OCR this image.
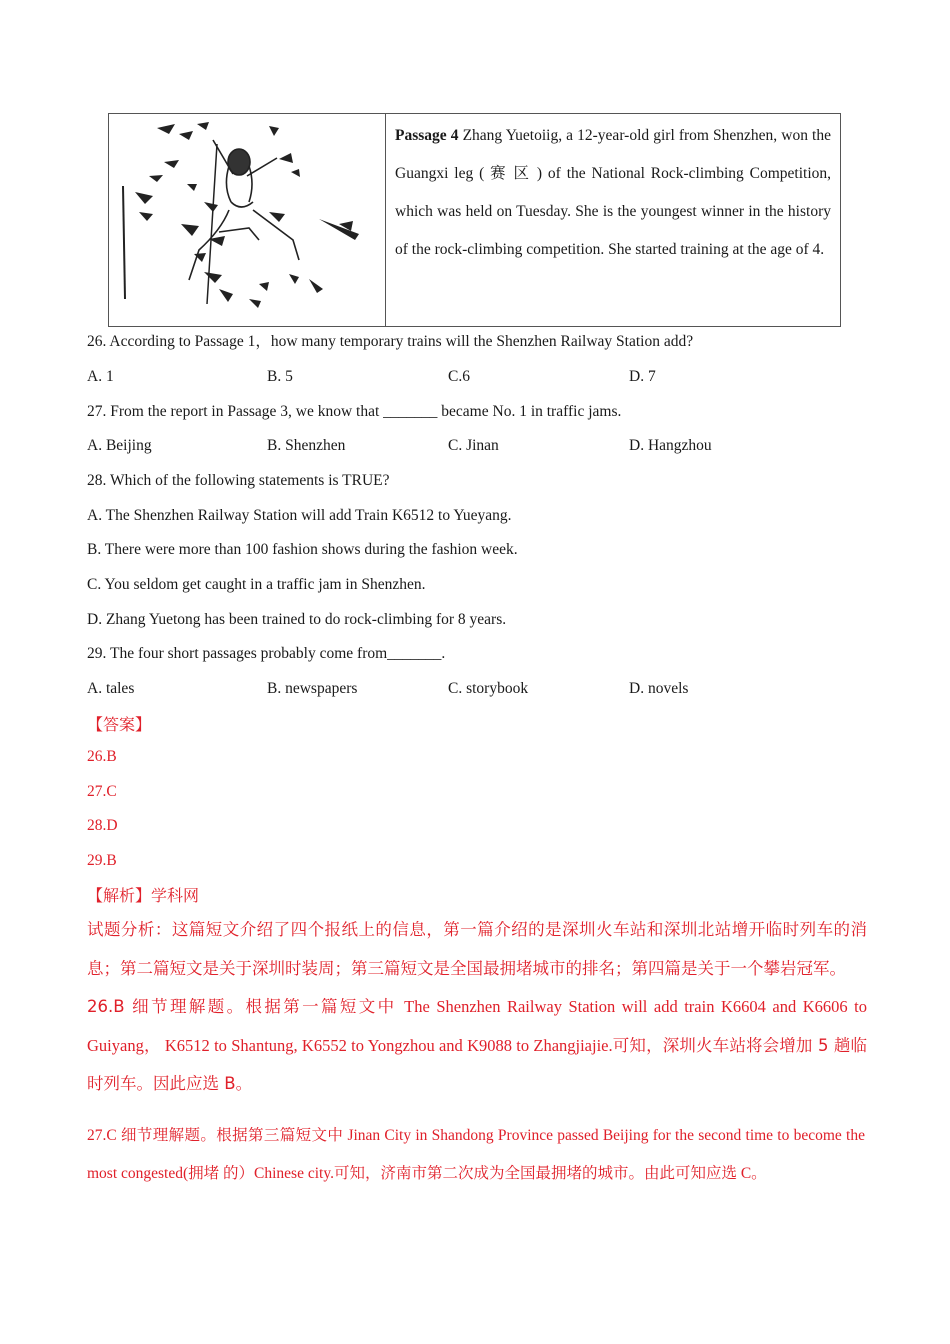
Passage 4 Zhang Yuetoiig, a 12-year-old girl from Shenzhen, won the Guangxi leg ( 赛 区 ) of the National Rock-climbing Competition, which was held on Tuesday. She is the youngest winner in the history of the rock-climbing competition. She started training at the age of 4.
26. According to Passage 1，how many temporary trains will the Shenzhen Railway Station add?
A. 1	B. 5	C.6	D. 7
27. From the report in Passage 3, we know that _______ became No. 1 in traffic jams.
A. Beijing	B. Shenzhen	C. Jinan	D. Hangzhou
28. Which of the following statements is TRUE?
A. The Shenzhen Railway Station will add Train K6512 to Yueyang.
B. There were more than 100 fashion shows during the fashion week.
C. You seldom get caught in a traffic jam in Shenzhen.
D. Zhang Yuetong has been trained to do rock-climbing for 8 years.
29. The four short passages probably come from_______.
A. tales	B. newspapers	C. storybook	D. novels
【答案】
26.B
27.C
28.D
29.B
【解析】学科网
试题分析：这篇短文介绍了四个报纸上的信息，第一篇介绍的是深圳火车站和深圳北站增开临时列车的消息；第二篇短文是关于深圳时装周；第三篇短文是全国最拥堵城市的排名；第四篇是关于一个攀岩冠军。
26.B 细节理解题。根据第一篇短文中 The Shenzhen Railway Station will add train K6604 and K6606 to Guiyang， K6512 to Shantung, K6552 to Yongzhou and K9088 to Zhangjiajie.可知，深圳火车站将会增加 5 趟临时列车。因此应选 B。
27.C 细节理解题。根据第三篇短文中 Jinan City in Shandong Province passed Beijing for the second time to become the most congested(拥堵 的）Chinese city.可知，济南市第二次成为全国最拥堵的城市。由此可知应选 C。
